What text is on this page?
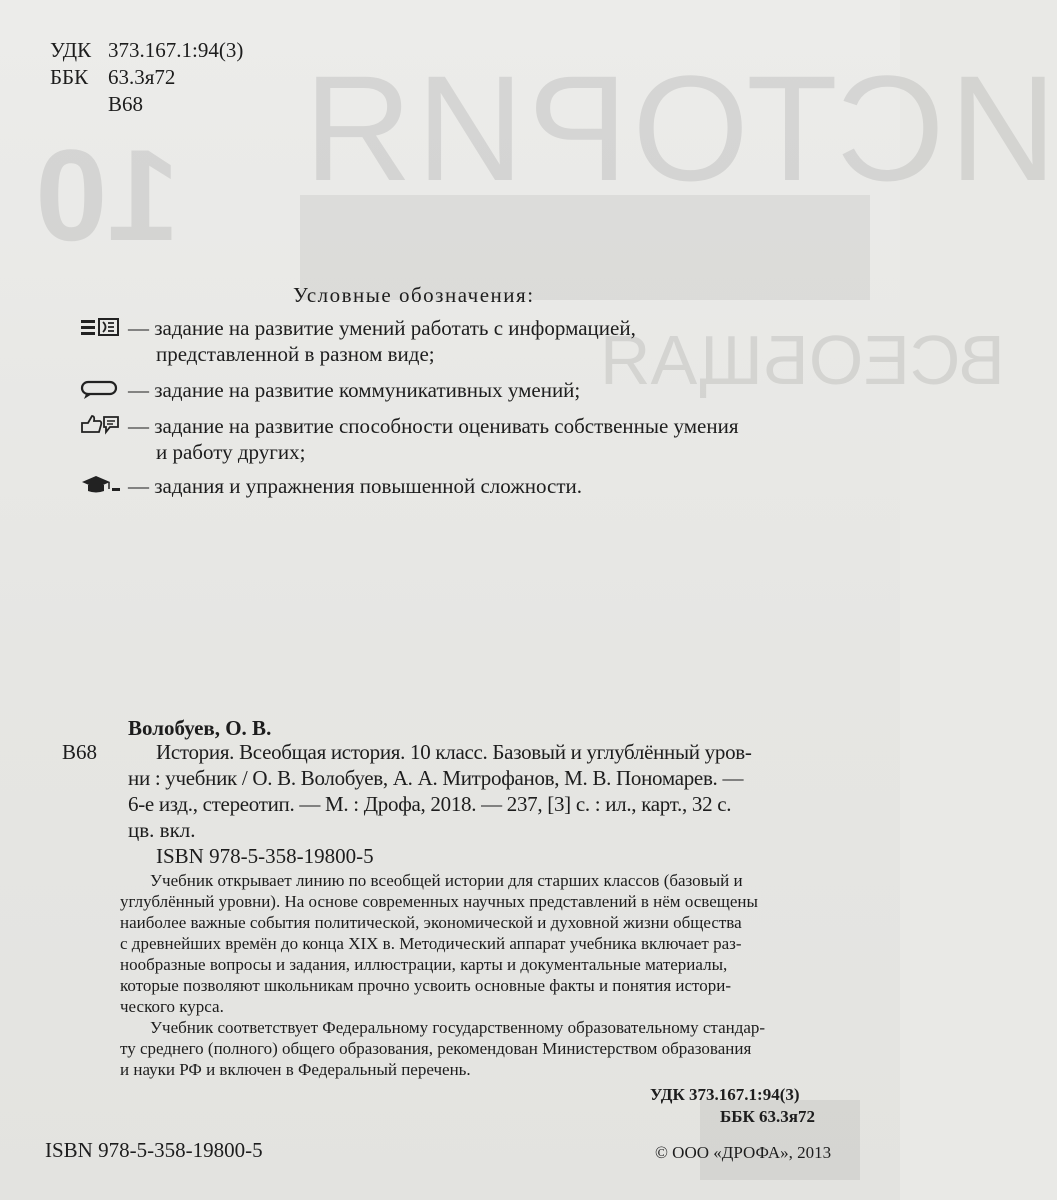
ИСТОРИЯ
10
ВСЕОБЩАЯ
УДК 373.167.1:94(3)
ББК 63.3я72
В68
Условные обозначения:
— задание на развитие умений работать с информацией,
представленной в разном виде;
— задание на развитие коммуникативных умений;
— задание на развитие способности оценивать собственные умения
и работу других;
— задания и упражнения повышенной сложности.
Волобуев, О. В.
В68	История. Всеобщая история. 10 класс. Базовый и углублённый уров-
ни : учебник / О. В. Волобуев, А. А. Митрофанов, М. В. Пономарев. —
6-е изд., стереотип. — М. : Дрофа, 2018. — 237, [3] с. : ил., карт., 32 с.
цв. вкл.
ISBN 978-5-358-19800-5
Учебник открывает линию по всеобщей истории для старших классов (базовый и
углублённый уровни). На основе современных научных представлений в нём освещены
наиболее важные события политической, экономической и духовной жизни общества
с древнейших времён до конца XIX в. Методический аппарат учебника включает раз-
нообразные вопросы и задания, иллюстрации, карты и документальные материалы,
которые позволяют школьникам прочно усвоить основные факты и понятия истори-
ческого курса.
Учебник соответствует Федеральному государственному образовательному стандар-
ту среднего (полного) общего образования, рекомендован Министерством образования
и науки РФ и включен в Федеральный перечень.
УДК 373.167.1:94(3)
ББК 63.3я72
ISBN 978-5-358-19800-5	© ООО «ДРОФА», 2013
